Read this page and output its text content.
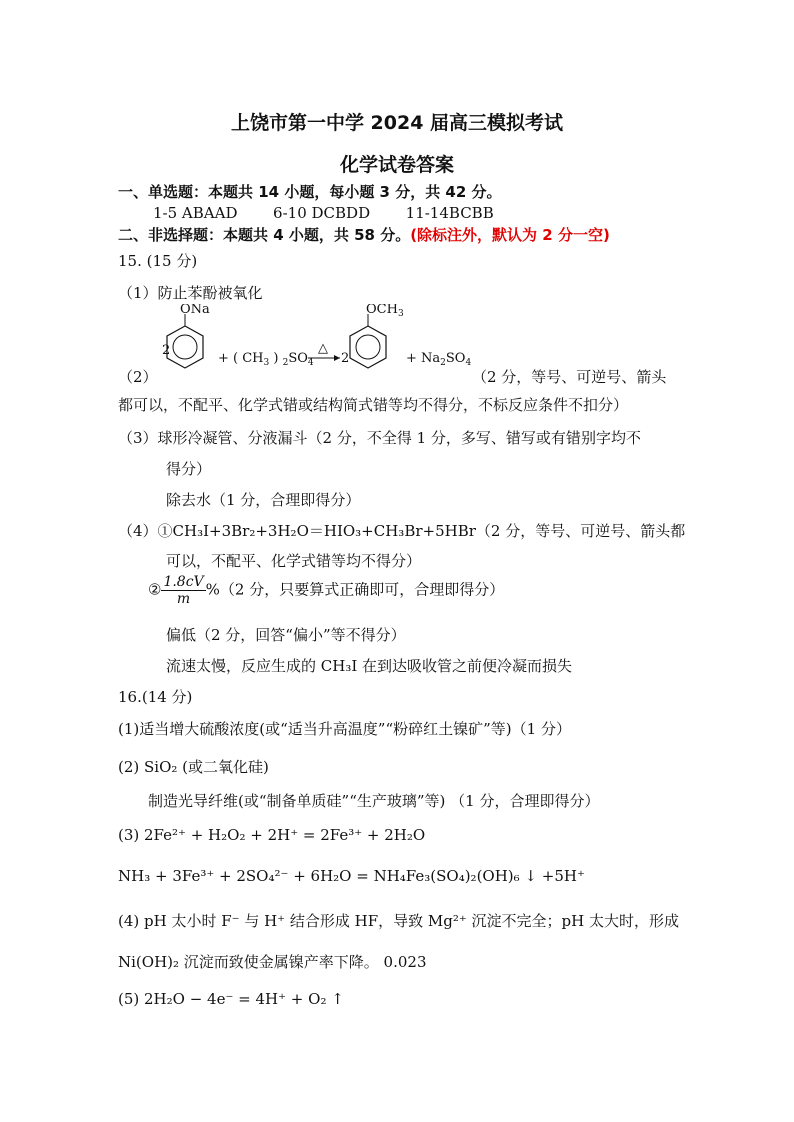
上饶市第一中学 2024 届高三模拟考试
化学试卷答案
一、单选题：本题共 14 小题，每小题 3 分，共 42 分。
1-5 ABAAD 6-10 DCBDD 11-14BCBB
二、非选择题：本题共 4 小题，共 58 分。(除标注外，默认为 2 分一空)
15. (15 分)
（1）防止苯酚被氧化
（2）
2
ONa
+ ( $CH_3$ ) $_2SO_4$
△
2
$OCH_3$
+ $Na_2SO_4$
（2 分，等号、可逆号、箭头
都可以，不配平、化学式错或结构简式错等均不得分，不标反应条件不扣分）
（3）球形冷凝管、分液漏斗（2 分，不全得 1 分，多写、错写或有错别字均不
得分）
除去水（1 分，合理即得分）
（4）①CH₃I+3Br₂+3H₂O＝HIO₃+CH₃Br+5HBr（2 分，等号、可逆号、箭头都
可以，不配平、化学式错等均不得分）
② $\frac{1.8cV}{m} \%(2$ 分，只要算式正确即可，合理即得分）
偏低（2 分，回答“偏小”等不得分）
流速太慢，反应生成的 CH₃I 在到达吸收管之前便冷凝而损失
16.(14 分)
(1)适当增大硫酸浓度(或“适当升高温度”“粉碎红土镍矿”等)（1 分）
(2) SiO₂ (或二氧化硅)
制造光导纤维(或“制备单质硅”“生产玻璃”等) （1 分，合理即得分）
(3) 2Fe²⁺ + H₂O₂ + 2H⁺ = 2Fe³⁺ + 2H₂O
NH₃ + 3Fe³⁺ + 2SO₄²⁻ + 6H₂O = NH₄Fe₃(SO₄)₂(OH)₆ ↓ +5H⁺
(4) pH 太小时 F⁻ 与 H⁺ 结合形成 HF，导致 Mg²⁺ 沉淀不完全；pH 太大时，形成
Ni(OH)₂ 沉淀而致使金属镍产率下降。 0.023
(5) 2H₂O − 4e⁻ = 4H⁺ + O₂ ↑
